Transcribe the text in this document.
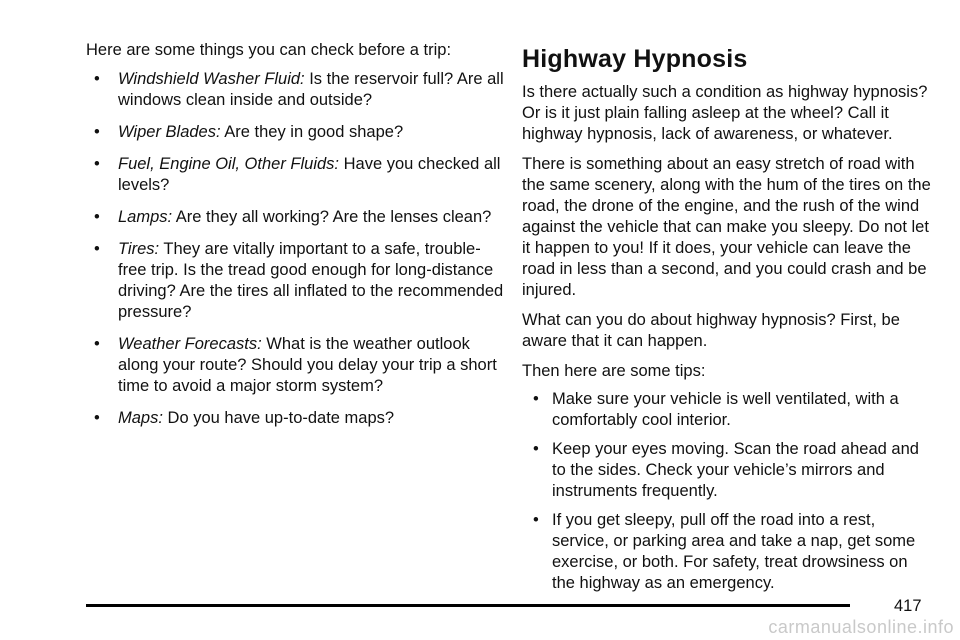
Here are some things you can check before a trip:

• Windshield Washer Fluid: Is the reservoir full? Are all windows clean inside and outside?
• Wiper Blades: Are they in good shape?
• Fuel, Engine Oil, Other Fluids: Have you checked all levels?
• Lamps: Are they all working? Are the lenses clean?
• Tires: They are vitally important to a safe, trouble-free trip. Is the tread good enough for long-distance driving? Are the tires all inflated to the recommended pressure?
• Weather Forecasts: What is the weather outlook along your route? Should you delay your trip a short time to avoid a major storm system?
• Maps: Do you have up-to-date maps?
Highway Hypnosis

Is there actually such a condition as highway hypnosis? Or is it just plain falling asleep at the wheel? Call it highway hypnosis, lack of awareness, or whatever.

There is something about an easy stretch of road with the same scenery, along with the hum of the tires on the road, the drone of the engine, and the rush of the wind against the vehicle that can make you sleepy. Do not let it happen to you! If it does, your vehicle can leave the road in less than a second, and you could crash and be injured.

What can you do about highway hypnosis? First, be aware that it can happen.

Then here are some tips:

• Make sure your vehicle is well ventilated, with a comfortably cool interior.
• Keep your eyes moving. Scan the road ahead and to the sides. Check your vehicle’s mirrors and instruments frequently.
• If you get sleepy, pull off the road into a rest, service, or parking area and take a nap, get some exercise, or both. For safety, treat drowsiness on the highway as an emergency.
417
carmanualsonline.info
